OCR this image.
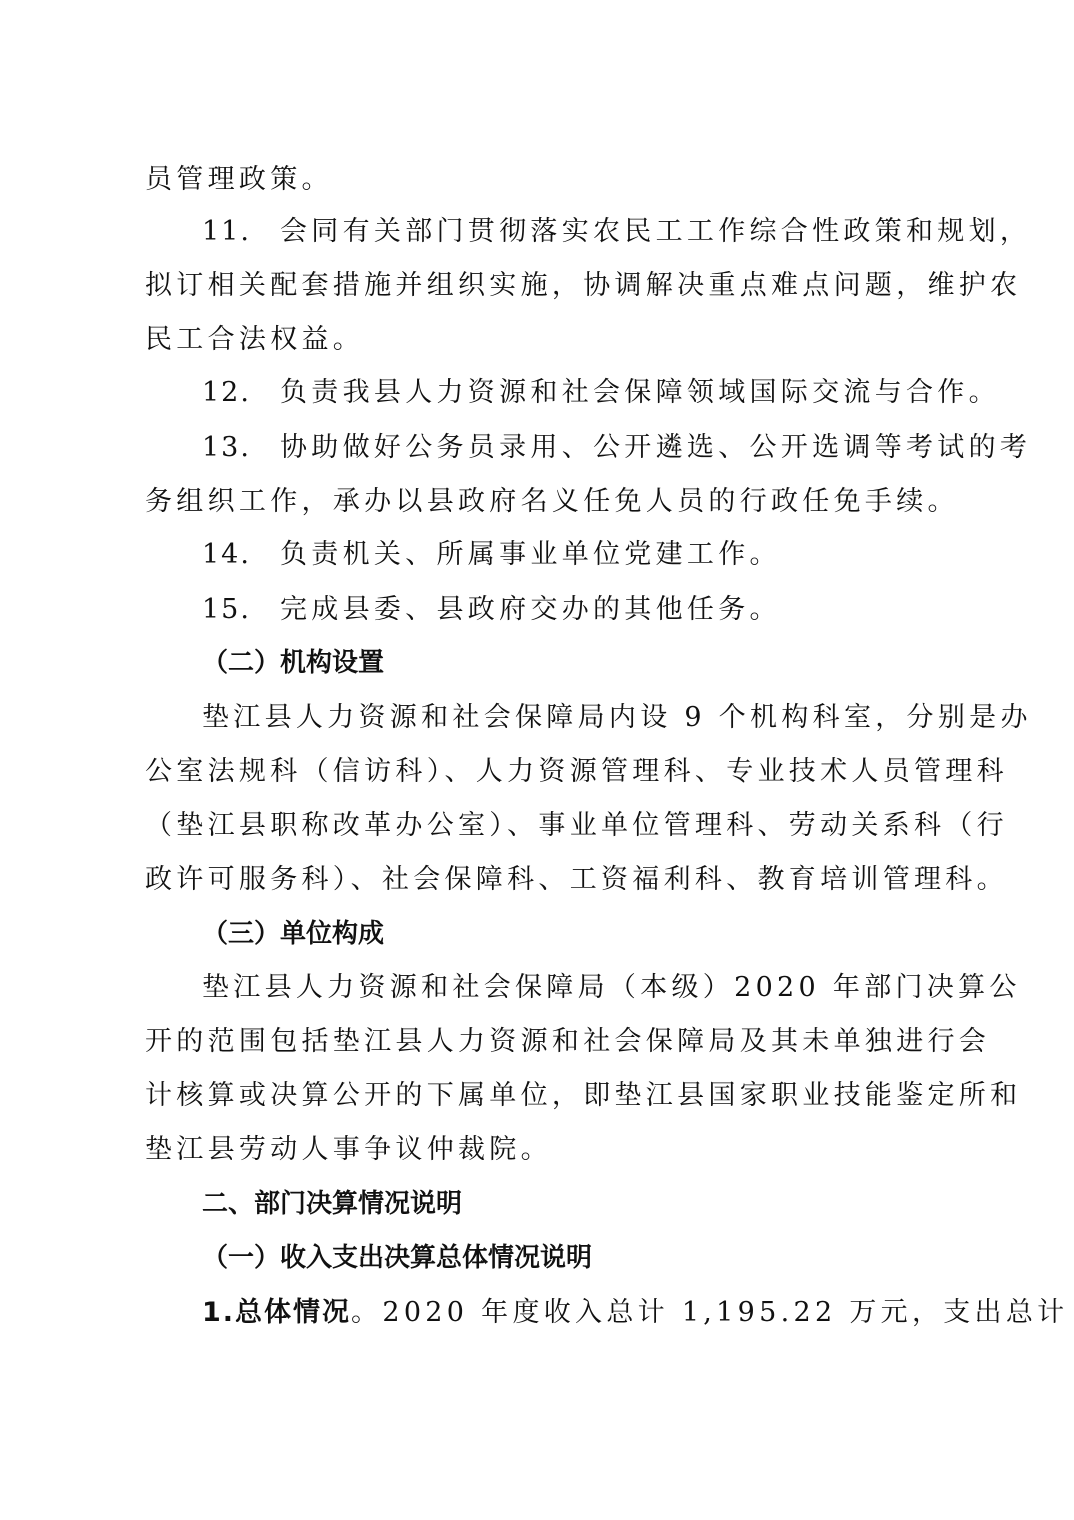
员管理政策。
11. 会同有关部门贯彻落实农民工工作综合性政策和规划，
拟订相关配套措施并组织实施，协调解决重点难点问题，维护农
民工合法权益。
12. 负责我县人力资源和社会保障领域国际交流与合作。
13. 协助做好公务员录用、公开遴选、公开选调等考试的考
务组织工作，承办以县政府名义任免人员的行政任免手续。
14. 负责机关、所属事业单位党建工作。
15. 完成县委、县政府交办的其他任务。
（二）机构设置
垫江县人力资源和社会保障局内设 9 个机构科室，分别是办
公室法规科（信访科）、人力资源管理科、专业技术人员管理科
（垫江县职称改革办公室）、事业单位管理科、劳动关系科（行
政许可服务科）、社会保障科、工资福利科、教育培训管理科。
（三）单位构成
垫江县人力资源和社会保障局（本级）2020 年部门决算公
开的范围包括垫江县人力资源和社会保障局及其未单独进行会
计核算或决算公开的下属单位，即垫江县国家职业技能鉴定所和
垫江县劳动人事争议仲裁院。
二、部门决算情况说明
（一）收入支出决算总体情况说明
1.总体情况。2020 年度收入总计 1,195.22 万元，支出总计
